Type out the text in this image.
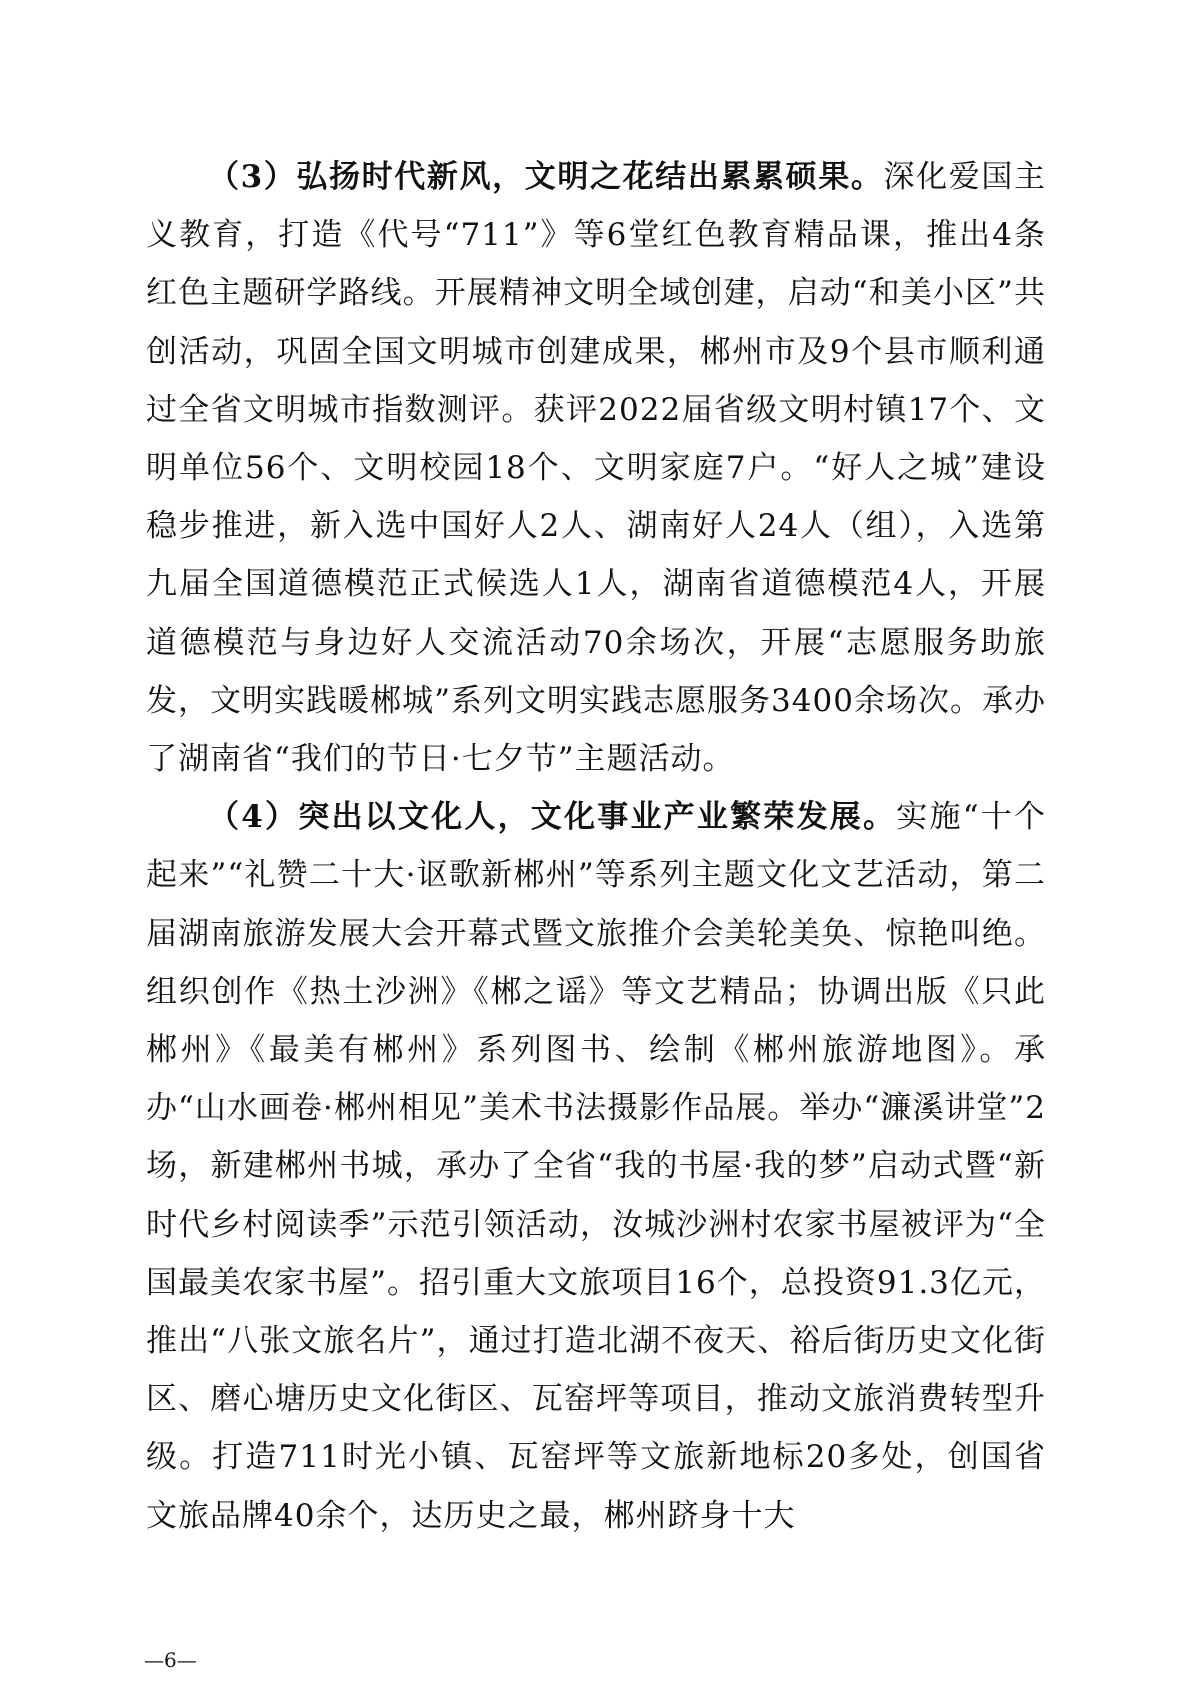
（3）弘扬时代新风，文明之花结出累累硕果。深化爱国主义教育，打造《代号“711”》等6堂红色教育精品课，推出4条红色主题研学路线。开展精神文明全域创建，启动“和美小区”共创活动，巩固全国文明城市创建成果，郴州市及9个县市顺利通过全省文明城市指数测评。获评2022届省级文明村镇17个、文明单位56个、文明校园18个、文明家庭7户。“好人之城”建设稳步推进，新入选中国好人2人、湖南好人24人（组），入选第九届全国道德模范正式候选人1人，湖南省道德模范4人，开展道德模范与身边好人交流活动70余场次，开展“志愿服务助旅发，文明实践暖郴城”系列文明实践志愿服务3400余场次。承办了湖南省“我们的节日·七夕节”主题活动。

（4）突出以文化人，文化事业产业繁荣发展。实施“十个起来”“礼赞二十大·讴歌新郴州”等系列主题文化文艺活动，第二届湖南旅游发展大会开幕式暨文旅推介会美轮美奂、惊艳叫绝。组织创作《热土沙洲》《郴之谣》等文艺精品；协调出版《只此郴州》《最美有郴州》系列图书、绘制《郴州旅游地图》。承办“山水画卷·郴州相见”美术书法摄影作品展。举办“濂溪讲堂”2场，新建郴州书城，承办了全省“我的书屋·我的梦”启动式暨“新时代乡村阅读季”示范引领活动，汝城沙洲村农家书屋被评为“全国最美农家书屋”。招引重大文旅项目16个，总投资91.3亿元，推出“八张文旅名片”，通过打造北湖不夜天、裕后街历史文化街区、磨心塘历史文化街区、瓦窑坪等项目，推动文旅消费转型升级。打造711时光小镇、瓦窑坪等文旅新地标20多处，创国省文旅品牌40余个，达历史之最，郴州跻身十大

—6—
